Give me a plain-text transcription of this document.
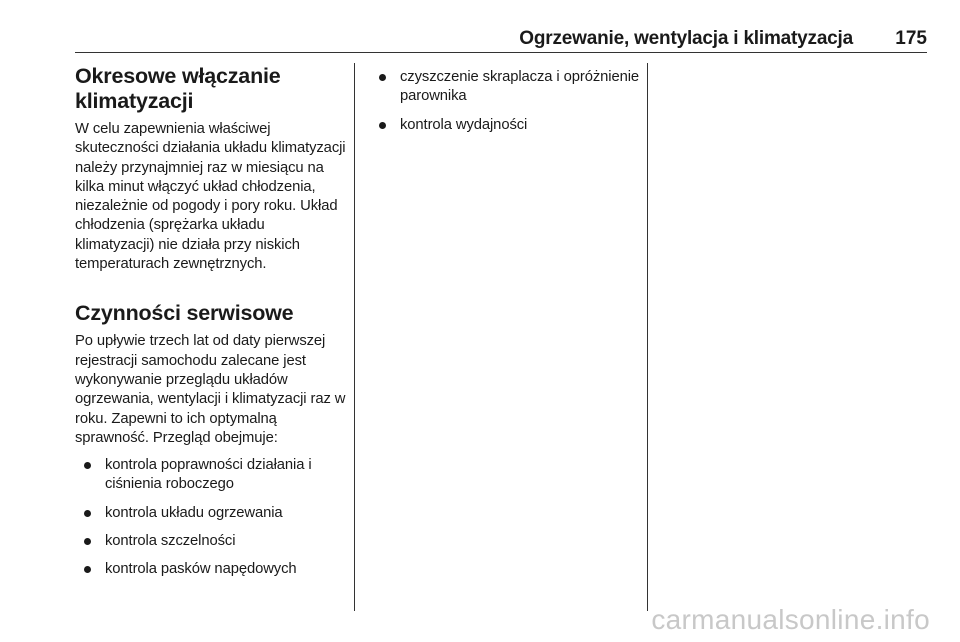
Ogrzewanie, wentylacja i klimatyzacja 175
Okresowe włączanie
klimatyzacji

W celu zapewnienia właściwej skuteczności działania układu klimatyzacji należy przynajmniej raz w miesiącu na kilka minut włączyć układ chłodzenia, niezależnie od pogody i pory roku. Układ chłodzenia (sprężarka układu klimatyzacji) nie działa przy niskich temperaturach zewnętrznych.

Czynności serwisowe

Po upływie trzech lat od daty pierwszej rejestracji samochodu zalecane jest wykonywanie przeglądu układów ogrzewania, wentylacji i klimatyzacji raz w roku. Zapewni to ich optymalną sprawność. Przegląd obejmuje:

kontrola poprawności działania i ciśnienia roboczego
kontrola układu ogrzewania
kontrola szczelności
kontrola pasków napędowych
czyszczenie skraplacza i opróżnienie parownika
kontrola wydajności
carmanualsonline.info
